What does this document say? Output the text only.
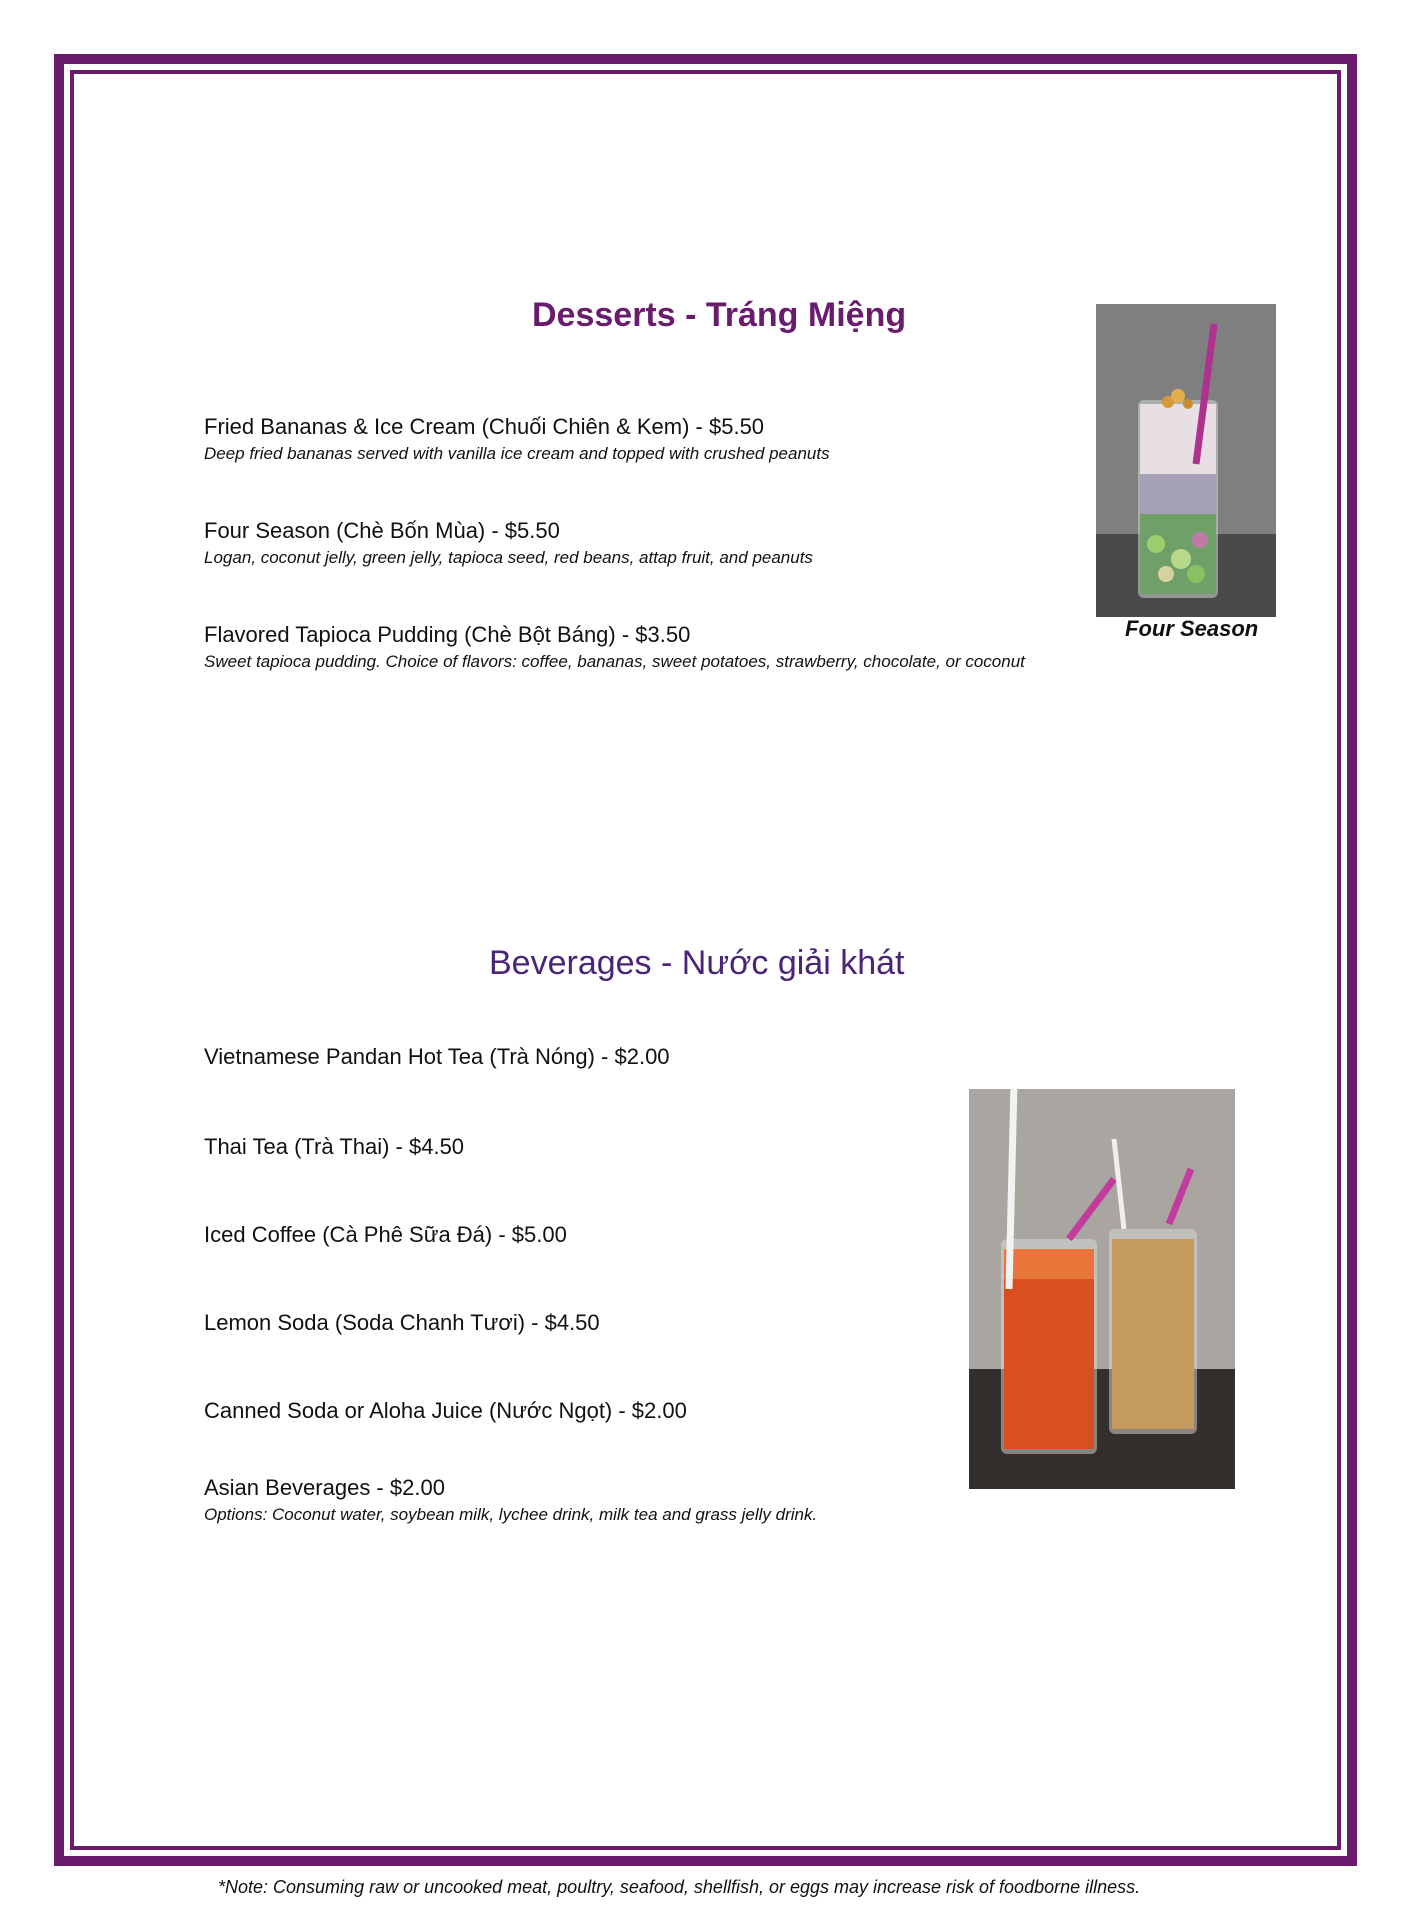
Desserts - Tráng Miệng
Fried Bananas & Ice Cream (Chuối Chiên & Kem) - $5.50
Deep fried bananas served with vanilla ice cream and topped with crushed peanuts
Four Season (Chè Bốn Mùa) - $5.50
Logan, coconut jelly, green jelly, tapioca seed, red beans, attap fruit, and peanuts
Flavored Tapioca Pudding (Chè Bột Báng) - $3.50
Sweet tapioca pudding. Choice of flavors: coffee, bananas, sweet potatoes, strawberry, chocolate, or coconut
Four Season
Beverages - Nước giải khát
Vietnamese Pandan Hot Tea (Trà Nóng) - $2.00
Thai Tea (Trà Thai) - $4.50
Iced Coffee (Cà Phê Sữa Đá) - $5.00
Lemon Soda (Soda Chanh Tươi) - $4.50
Canned Soda or Aloha Juice (Nước Ngọt) - $2.00
Asian Beverages - $2.00
Options: Coconut water, soybean milk, lychee drink, milk tea and grass jelly drink.
*Note: Consuming raw or uncooked meat, poultry, seafood, shellfish, or eggs may increase risk of foodborne illness.
